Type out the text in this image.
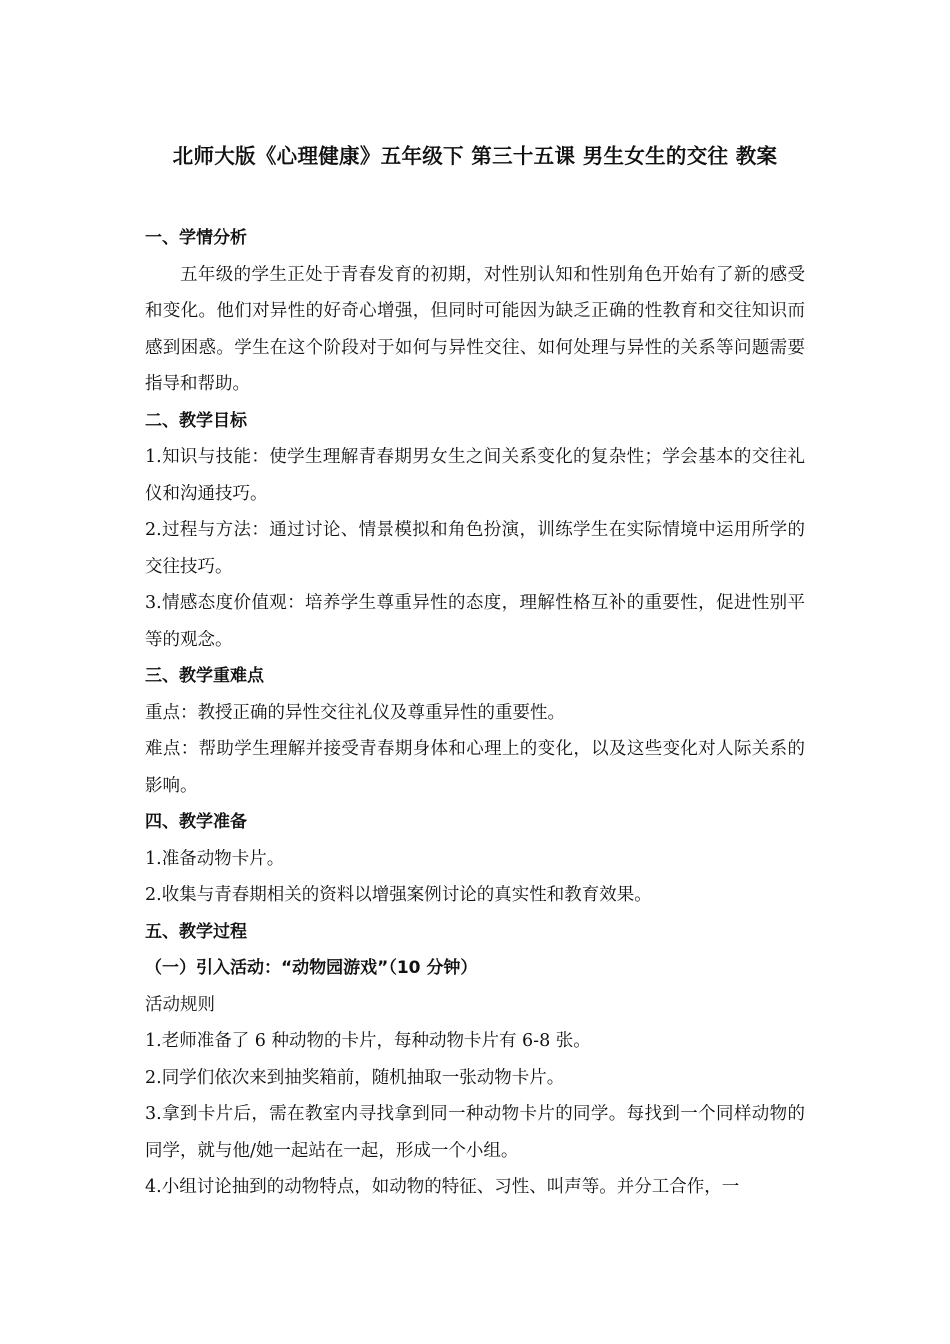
北师大版《心理健康》五年级下 第三十五课 男生女生的交往 教案

一、学情分析

五年级的学生正处于青春发育的初期，对性别认知和性别角色开始有了新的感受和变化。他们对异性的好奇心增强，但同时可能因为缺乏正确的性教育和交往知识而感到困惑。学生在这个阶段对于如何与异性交往、如何处理与异性的关系等问题需要指导和帮助。

二、教学目标

1.知识与技能：使学生理解青春期男女生之间关系变化的复杂性；学会基本的交往礼仪和沟通技巧。

2.过程与方法：通过讨论、情景模拟和角色扮演，训练学生在实际情境中运用所学的交往技巧。

3.情感态度价值观：培养学生尊重异性的态度，理解性格互补的重要性，促进性别平等的观念。

三、教学重难点

重点：教授正确的异性交往礼仪及尊重异性的重要性。

难点：帮助学生理解并接受青春期身体和心理上的变化，以及这些变化对人际关系的影响。

四、教学准备

1.准备动物卡片。

2.收集与青春期相关的资料以增强案例讨论的真实性和教育效果。

五、教学过程

（一）引入活动：“动物园游戏”（10 分钟）

活动规则

1.老师准备了 6 种动物的卡片，每种动物卡片有 6-8 张。

2.同学们依次来到抽奖箱前，随机抽取一张动物卡片。

3.拿到卡片后，需在教室内寻找拿到同一种动物卡片的同学。每找到一个同样动物的同学，就与他/她一起站在一起，形成一个小组。

4.小组讨论抽到的动物特点，如动物的特征、习性、叫声等。并分工合作，一
